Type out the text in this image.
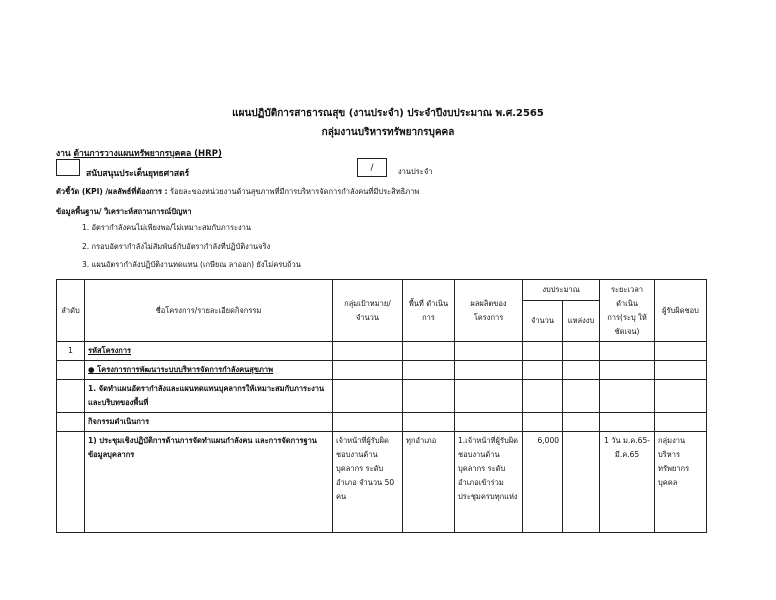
แผนปฏิบัติการสาธารณสุข (งานประจำ) ประจำปีงบประมาณ พ.ศ.2565
กลุ่มงานบริหารทรัพยากรบุคคล
งาน ด้านการวางแผนทรัพยากรบุคคล (HRP)
สนับสนุนประเด็นยุทธศาสตร์
/	งานประจำ
ตัวชี้วัด (KPI) /ผลลัพธ์ที่ต้องการ : ร้อยละของหน่วยงานด้านสุขภาพที่มีการบริหารจัดการกำลังคนที่มีประสิทธิภาพ
ข้อมูลพื้นฐาน/ วิเคราะห์สถานการณ์ปัญหา
1. อัตรากำลังคนไม่เพียงพอ/ไม่เหมาะสมกับภาระงาน
2. กรอบอัตรากำลังไม่สัมพันธ์กับอัตรากำลังที่ปฏิบัติงานจริง
3. แผนอัตรากำลังปฏิบัติงานทดแทน (เกษียณ ลาออก) ยังไม่ครบถ้วน
ลำดับ	ชื่อโครงการ/รายละเอียดกิจกรรม	กลุ่มเป้าหมาย/ จำนวน	พื้นที่ ดำเนินการ	ผลผลิตของโครงการ	งบประมาณ		ระยะเวลา ดำเนินการ(ระบุ ให้ชัดเจน)	ผู้รับผิดชอบ
					จำนวน	แหล่งงบ		
1	รหัสโครงการ							
	● โครงการการพัฒนาระบบบริหารจัดการกำลังคนสุขภาพ							
	1. จัดทำแผนอัตรากำลังและแผนทดแทนบุคลากรให้เหมาะสมกับภาระงาน และบริบทของพื้นที่							
	กิจกรรมดำเนินการ							
	1) ประชุมเชิงปฏิบัติการด้านการจัดทำแผนกำลังคน และการจัดการฐานข้อมูลบุคลากร	เจ้าหน้าที่ผู้รับผิดชอบงานด้านบุคลากร ระดับอำเภอ จำนวน 50 คน	ทุกอำเภอ	1.เจ้าหน้าที่ผู้รับผิดชอบงานด้านบุคลากร ระดับอำเภอเข้าร่วมประชุมครบทุกแห่ง	6,000		1 วัน ม.ค.65- มี.ค.65	กลุ่มงานบริหารทรัพยากรบุคคล
